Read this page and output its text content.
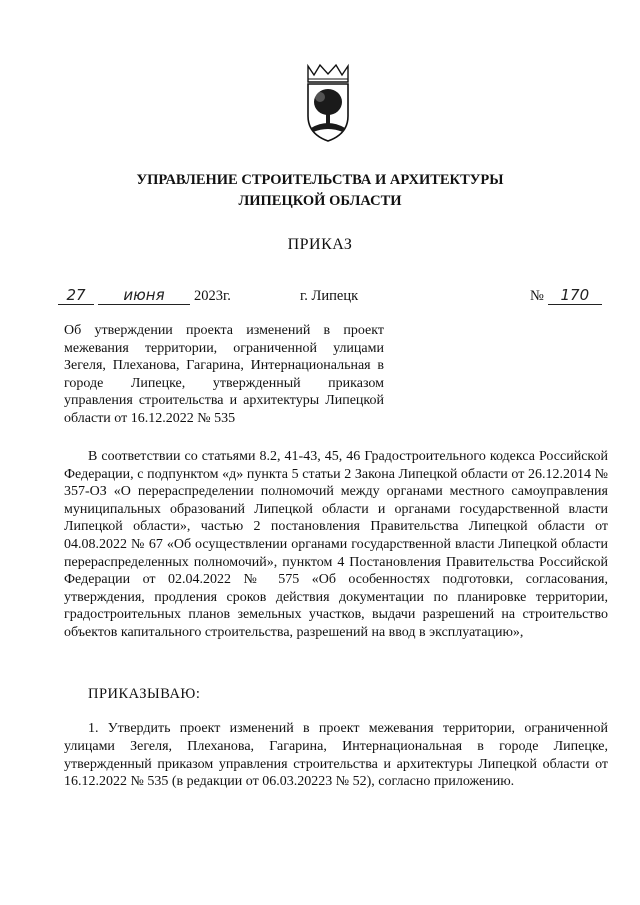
УПРАВЛЕНИЕ СТРОИТЕЛЬСТВА И АРХИТЕКТУРЫ
ЛИПЕЦКОЙ ОБЛАСТИ
ПРИКАЗ
27	июня 2023г.	г. Липецк	№ 170
Об утверждении проекта изменений в проект межевания территории, ограниченной улицами Зегеля, Плеханова, Гагарина, Интернациональная в городе Липецке, утвержденный приказом управления строительства и архитектуры Липецкой области от 16.12.2022 № 535

В соответствии со статьями 8.2, 41-43, 45, 46 Градостроительного кодекса Российской Федерации, с подпунктом «д» пункта 5 статьи 2 Закона Липецкой области от 26.12.2014 № 357-ОЗ «О перераспределении полномочий между органами местного самоуправления муниципальных образований Липецкой области и органами государственной власти Липецкой области», частью 2 постановления Правительства Липецкой области от 04.08.2022 № 67 «Об осуществлении органами государственной власти Липецкой области перераспределенных полномочий», пунктом 4 Постановления Правительства Российской Федерации от 02.04.2022 № 575 «Об особенностях подготовки, согласования, утверждения, продления сроков действия документации по планировке территории, градостроительных планов земельных участков, выдачи разрешений на строительство объектов капитального строительства, разрешений на ввод в эксплуатацию»,

ПРИКАЗЫВАЮ:

1. Утвердить проект изменений в проект межевания территории, ограниченной улицами Зегеля, Плеханова, Гагарина, Интернациональная в городе Липецке, утвержденный приказом управления строительства и архитектуры Липецкой области от 16.12.2022 № 535 (в редакции от 06.03.20223 № 52), согласно приложению.
